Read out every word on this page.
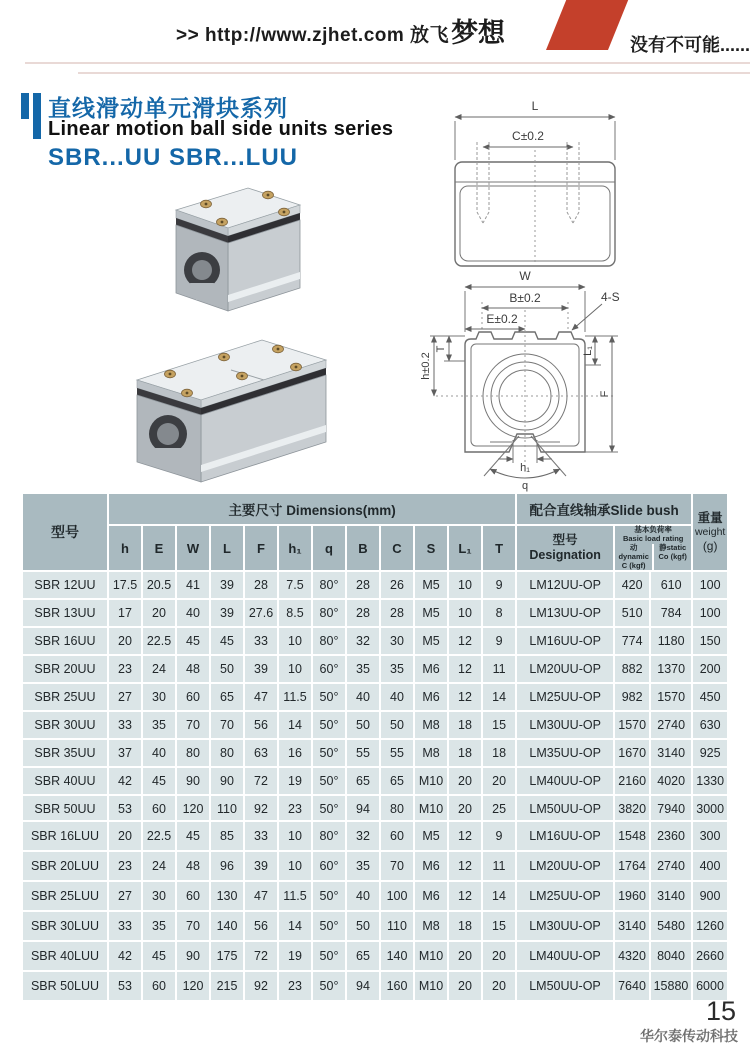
>> http://www.zjhet.com 放飞 梦想	没有不可能......
直线滑动单元滑块系列
Linear motion ball side units series
SBR...UU SBR...LUU
L
C±0.2
W
B±0.2
E±0.2
4-S
h±0.2
T	L₁
F
h₁
q
型号	主要尺寸 Dimensions(mm)												配合直线轴承Slide bush			重量
weight
(g)

h	E	W	L	F	h₁	q	B	C	S	L₁	T	
型号
Designation

基本负荷率
Basic load rating
动dynamic
C (kgf)
静static
Co (kgf)

SBR 12UU	17.5	20.5	41	39	28	7.5	80°	28	26	M5	10	9	LM12UU-OP	420	610	100
SBR 13UU	17	20	40	39	27.6	8.5	80°	28	28	M5	10	8	LM13UU-OP	510	784	100
SBR 16UU	20	22.5	45	45	33	10	80°	32	30	M5	12	9	LM16UU-OP	774	1180	150
SBR 20UU	23	24	48	50	39	10	60°	35	35	M6	12	11	LM20UU-OP	882	1370	200
SBR 25UU	27	30	60	65	47	11.5	50°	40	40	M6	12	14	LM25UU-OP	982	1570	450
SBR 30UU	33	35	70	70	56	14	50°	50	50	M8	18	15	LM30UU-OP	1570	2740	630
SBR 35UU	37	40	80	80	63	16	50°	55	55	M8	18	18	LM35UU-OP	1670	3140	925
SBR 40UU	42	45	90	90	72	19	50°	65	65	M10	20	20	LM40UU-OP	2160	4020	1330
SBR 50UU	53	60	120	110	92	23	50°	94	80	M10	20	25	LM50UU-OP	3820	7940	3000
SBR 16LUU	20	22.5	45	85	33	10	80°	32	60	M5	12	9	LM16UU-OP	1548	2360	300
SBR 20LUU	23	24	48	96	39	10	60°	35	70	M6	12	11	LM20UU-OP	1764	2740	400
SBR 25LUU	27	30	60	130	47	11.5	50°	40	100	M6	12	14	LM25UU-OP	1960	3140	900
SBR 30LUU	33	35	70	140	56	14	50°	50	110	M8	18	15	LM30UU-OP	3140	5480	1260
SBR 40LUU	42	45	90	175	72	19	50°	65	140	M10	20	20	LM40UU-OP	4320	8040	2660
SBR 50LUU	53	60	120	215	92	23	50°	94	160	M10	20	20	LM50UU-OP	7640	15880	6000
15
华尔泰传动科技
